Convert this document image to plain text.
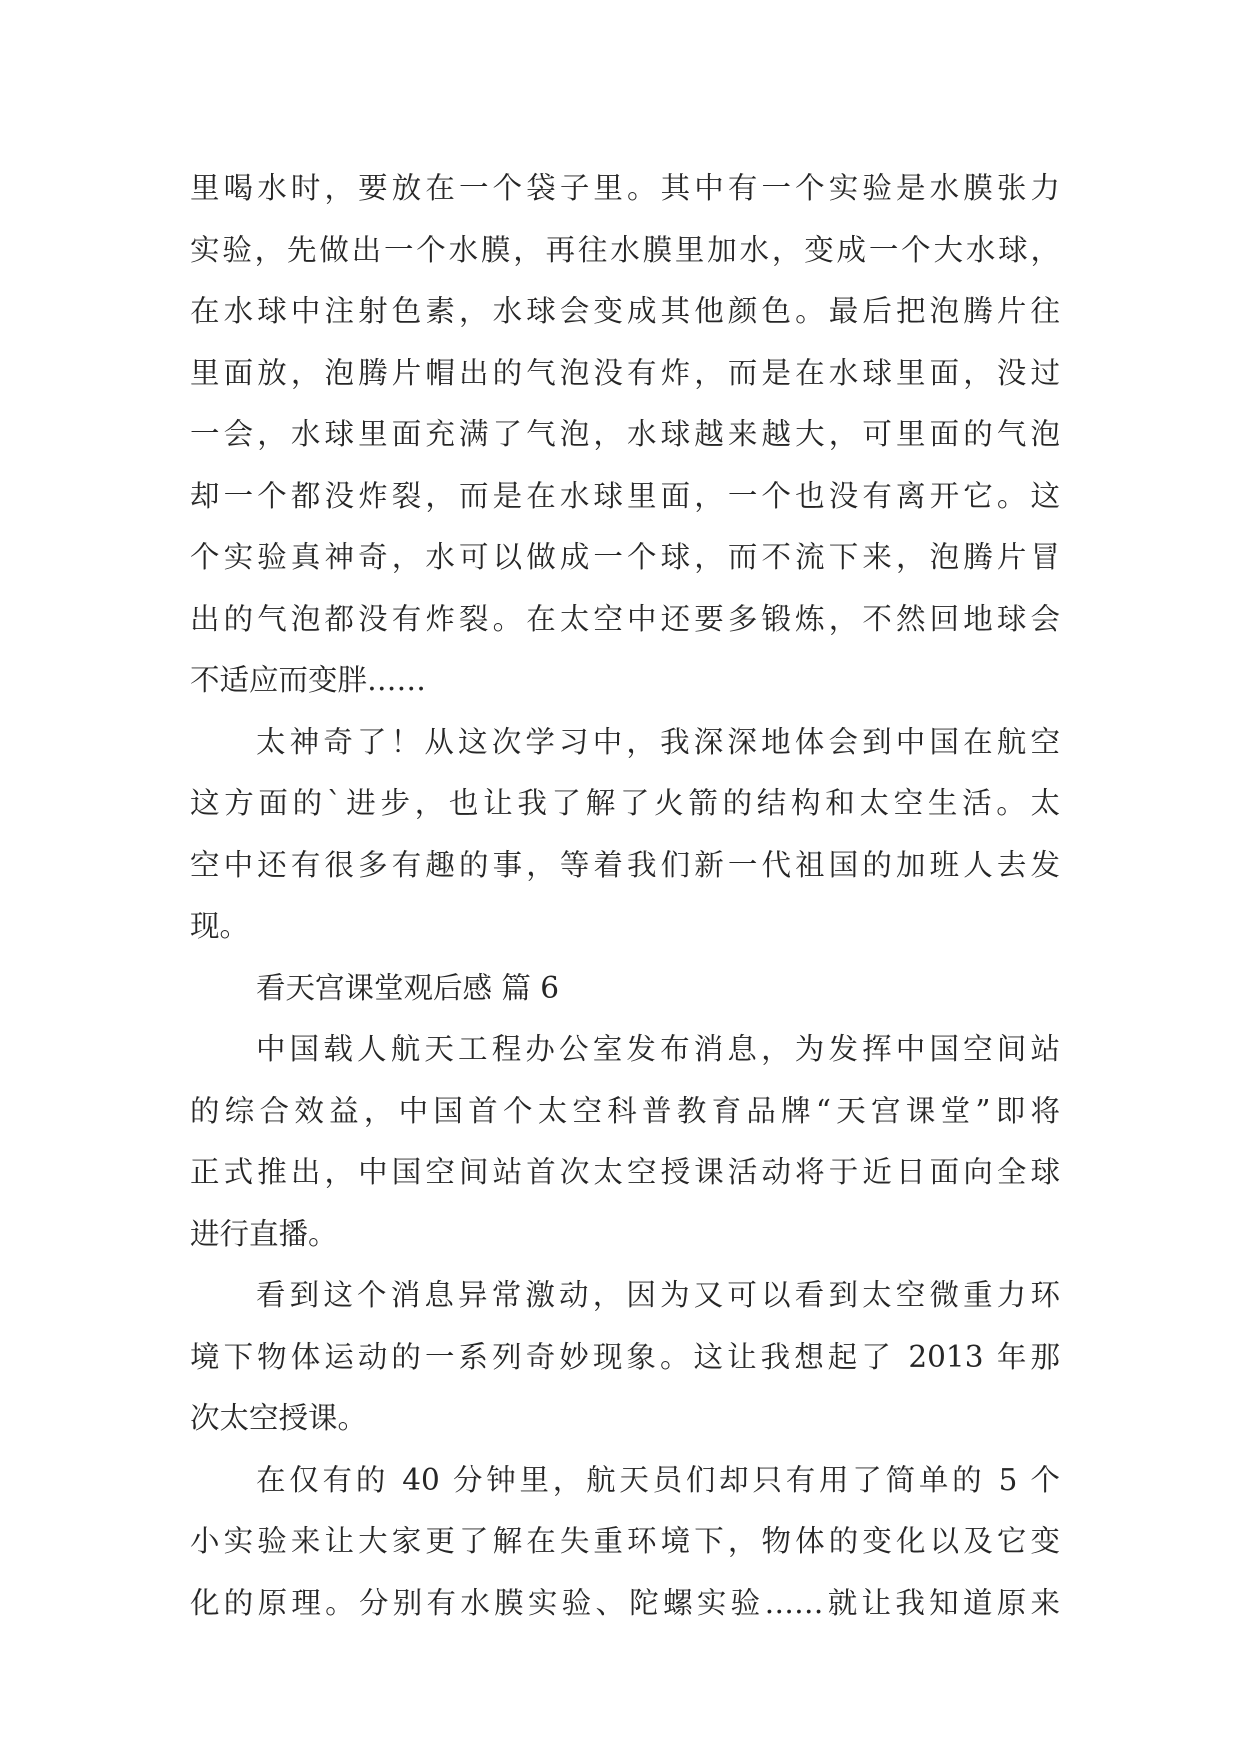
里喝水时，要放在一个袋子里。其中有一个实验是水膜张力
实验，先做出一个水膜，再往水膜里加水，变成一个大水球，
在水球中注射色素，水球会变成其他颜色。最后把泡腾片往
里面放，泡腾片帽出的气泡没有炸，而是在水球里面，没过
一会，水球里面充满了气泡，水球越来越大，可里面的气泡
却一个都没炸裂，而是在水球里面，一个也没有离开它。这
个实验真神奇，水可以做成一个球，而不流下来，泡腾片冒
出的气泡都没有炸裂。在太空中还要多锻炼，不然回地球会
不适应而变胖……
太神奇了！从这次学习中，我深深地体会到中国在航空
这方面的`进步，也让我了解了火箭的结构和太空生活。太
空中还有很多有趣的事，等着我们新一代祖国的加班人去发
现。
看天宫课堂观后感 篇 6
中国载人航天工程办公室发布消息，为发挥中国空间站
的综合效益，中国首个太空科普教育品牌“天宫课堂”即将
正式推出，中国空间站首次太空授课活动将于近日面向全球
进行直播。
看到这个消息异常激动，因为又可以看到太空微重力环
境下物体运动的一系列奇妙现象。这让我想起了 2013 年那
次太空授课。
在仅有的 40 分钟里，航天员们却只有用了简单的 5 个
小实验来让大家更了解在失重环境下，物体的变化以及它变
化的原理。分别有水膜实验、陀螺实验……就让我知道原来
